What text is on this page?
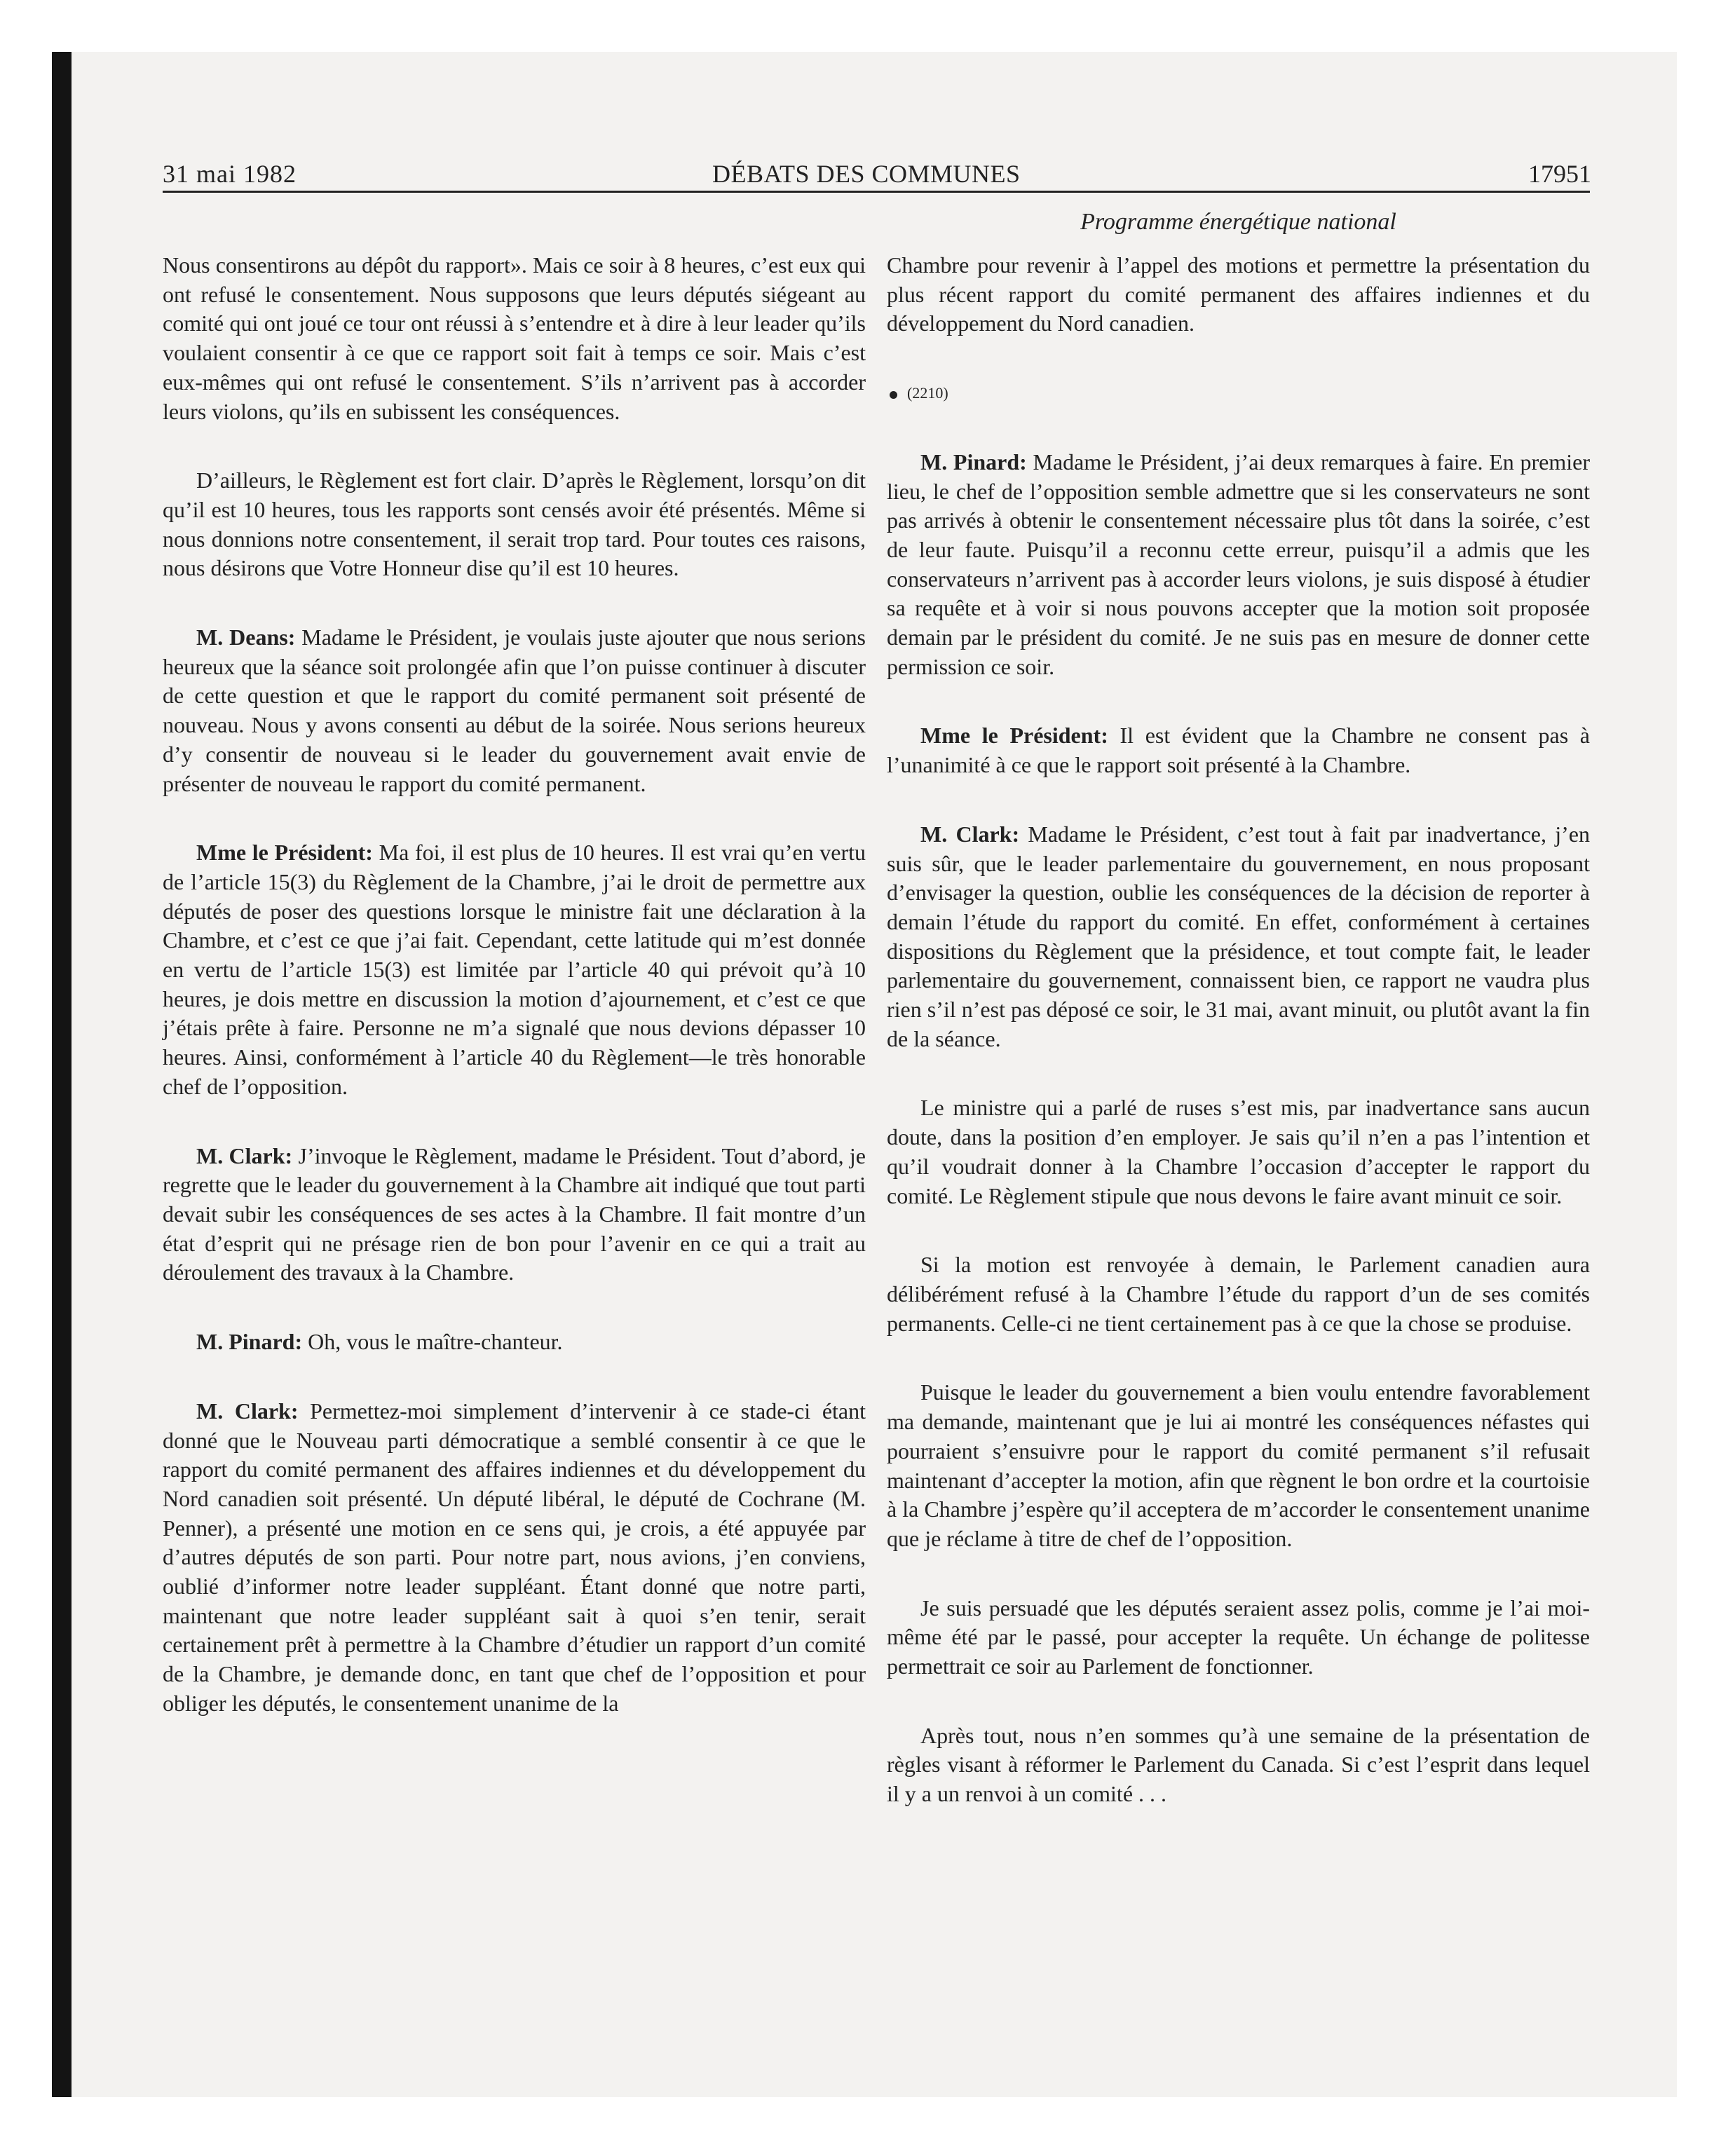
31 mai 1982	DÉBATS DES COMMUNES	17951
Programme énergétique national

Nous consentirons au dépôt du rapport». Mais ce soir à 8 heures, c’est eux qui ont refusé le consentement. Nous supposons que leurs députés siégeant au comité qui ont joué ce tour ont réussi à s’entendre et à dire à leur leader qu’ils voulaient consentir à ce que ce rapport soit fait à temps ce soir. Mais c’est eux-mêmes qui ont refusé le consentement. S’ils n’arrivent pas à accorder leurs violons, qu’ils en subissent les conséquences.

D’ailleurs, le Règlement est fort clair. D’après le Règlement, lorsqu’on dit qu’il est 10 heures, tous les rapports sont censés avoir été présentés. Même si nous donnions notre consentement, il serait trop tard. Pour toutes ces raisons, nous désirons que Votre Honneur dise qu’il est 10 heures.

M. Deans: Madame le Président, je voulais juste ajouter que nous serions heureux que la séance soit prolongée afin que l’on puisse continuer à discuter de cette question et que le rapport du comité permanent soit présenté de nouveau. Nous y avons consenti au début de la soirée. Nous serions heureux d’y consentir de nouveau si le leader du gouvernement avait envie de présenter de nouveau le rapport du comité permanent.

Mme le Président: Ma foi, il est plus de 10 heures. Il est vrai qu’en vertu de l’article 15(3) du Règlement de la Chambre, j’ai le droit de permettre aux députés de poser des questions lorsque le ministre fait une déclaration à la Chambre, et c’est ce que j’ai fait. Cependant, cette latitude qui m’est donnée en vertu de l’article 15(3) est limitée par l’article 40 qui prévoit qu’à 10 heures, je dois mettre en discussion la motion d’ajournement, et c’est ce que j’étais prête à faire. Personne ne m’a signalé que nous devions dépasser 10 heures. Ainsi, conformément à l’article 40 du Règlement—le très honorable chef de l’opposition.

M. Clark: J’invoque le Règlement, madame le Président. Tout d’abord, je regrette que le leader du gouvernement à la Chambre ait indiqué que tout parti devait subir les conséquences de ses actes à la Chambre. Il fait montre d’un état d’esprit qui ne présage rien de bon pour l’avenir en ce qui a trait au déroulement des travaux à la Chambre.

M. Pinard: Oh, vous le maître-chanteur.

M. Clark: Permettez-moi simplement d’intervenir à ce stade-ci étant donné que le Nouveau parti démocratique a semblé consentir à ce que le rapport du comité permanent des affaires indiennes et du développement du Nord canadien soit présenté. Un député libéral, le député de Cochrane (M. Penner), a présenté une motion en ce sens qui, je crois, a été appuyée par d’autres députés de son parti. Pour notre part, nous avions, j’en conviens, oublié d’informer notre leader suppléant. Étant donné que notre parti, maintenant que notre leader suppléant sait à quoi s’en tenir, serait certainement prêt à permettre à la Chambre d’étudier un rapport d’un comité de la Chambre, je demande donc, en tant que chef de l’opposition et pour obliger les députés, le consentement unanime de la

Chambre pour revenir à l’appel des motions et permettre la présentation du plus récent rapport du comité permanent des affaires indiennes et du développement du Nord canadien.

(2210)

M. Pinard: Madame le Président, j’ai deux remarques à faire. En premier lieu, le chef de l’opposition semble admettre que si les conservateurs ne sont pas arrivés à obtenir le consentement nécessaire plus tôt dans la soirée, c’est de leur faute. Puisqu’il a reconnu cette erreur, puisqu’il a admis que les conservateurs n’arrivent pas à accorder leurs violons, je suis disposé à étudier sa requête et à voir si nous pouvons accepter que la motion soit proposée demain par le président du comité. Je ne suis pas en mesure de donner cette permission ce soir.

Mme le Président: Il est évident que la Chambre ne consent pas à l’unanimité à ce que le rapport soit présenté à la Chambre.

M. Clark: Madame le Président, c’est tout à fait par inadvertance, j’en suis sûr, que le leader parlementaire du gouvernement, en nous proposant d’envisager la question, oublie les conséquences de la décision de reporter à demain l’étude du rapport du comité. En effet, conformément à certaines dispositions du Règlement que la présidence, et tout compte fait, le leader parlementaire du gouvernement, connaissent bien, ce rapport ne vaudra plus rien s’il n’est pas déposé ce soir, le 31 mai, avant minuit, ou plutôt avant la fin de la séance.

Le ministre qui a parlé de ruses s’est mis, par inadvertance sans aucun doute, dans la position d’en employer. Je sais qu’il n’en a pas l’intention et qu’il voudrait donner à la Chambre l’occasion d’accepter le rapport du comité. Le Règlement stipule que nous devons le faire avant minuit ce soir.

Si la motion est renvoyée à demain, le Parlement canadien aura délibérément refusé à la Chambre l’étude du rapport d’un de ses comités permanents. Celle-ci ne tient certainement pas à ce que la chose se produise.

Puisque le leader du gouvernement a bien voulu entendre favorablement ma demande, maintenant que je lui ai montré les conséquences néfastes qui pourraient s’ensuivre pour le rapport du comité permanent s’il refusait maintenant d’accepter la motion, afin que règnent le bon ordre et la courtoisie à la Chambre j’espère qu’il acceptera de m’accorder le consentement unanime que je réclame à titre de chef de l’opposition.

Je suis persuadé que les députés seraient assez polis, comme je l’ai moi-même été par le passé, pour accepter la requête. Un échange de politesse permettrait ce soir au Parlement de fonctionner.

Après tout, nous n’en sommes qu’à une semaine de la présentation de règles visant à réformer le Parlement du Canada. Si c’est l’esprit dans lequel il y a un renvoi à un comité . . .
